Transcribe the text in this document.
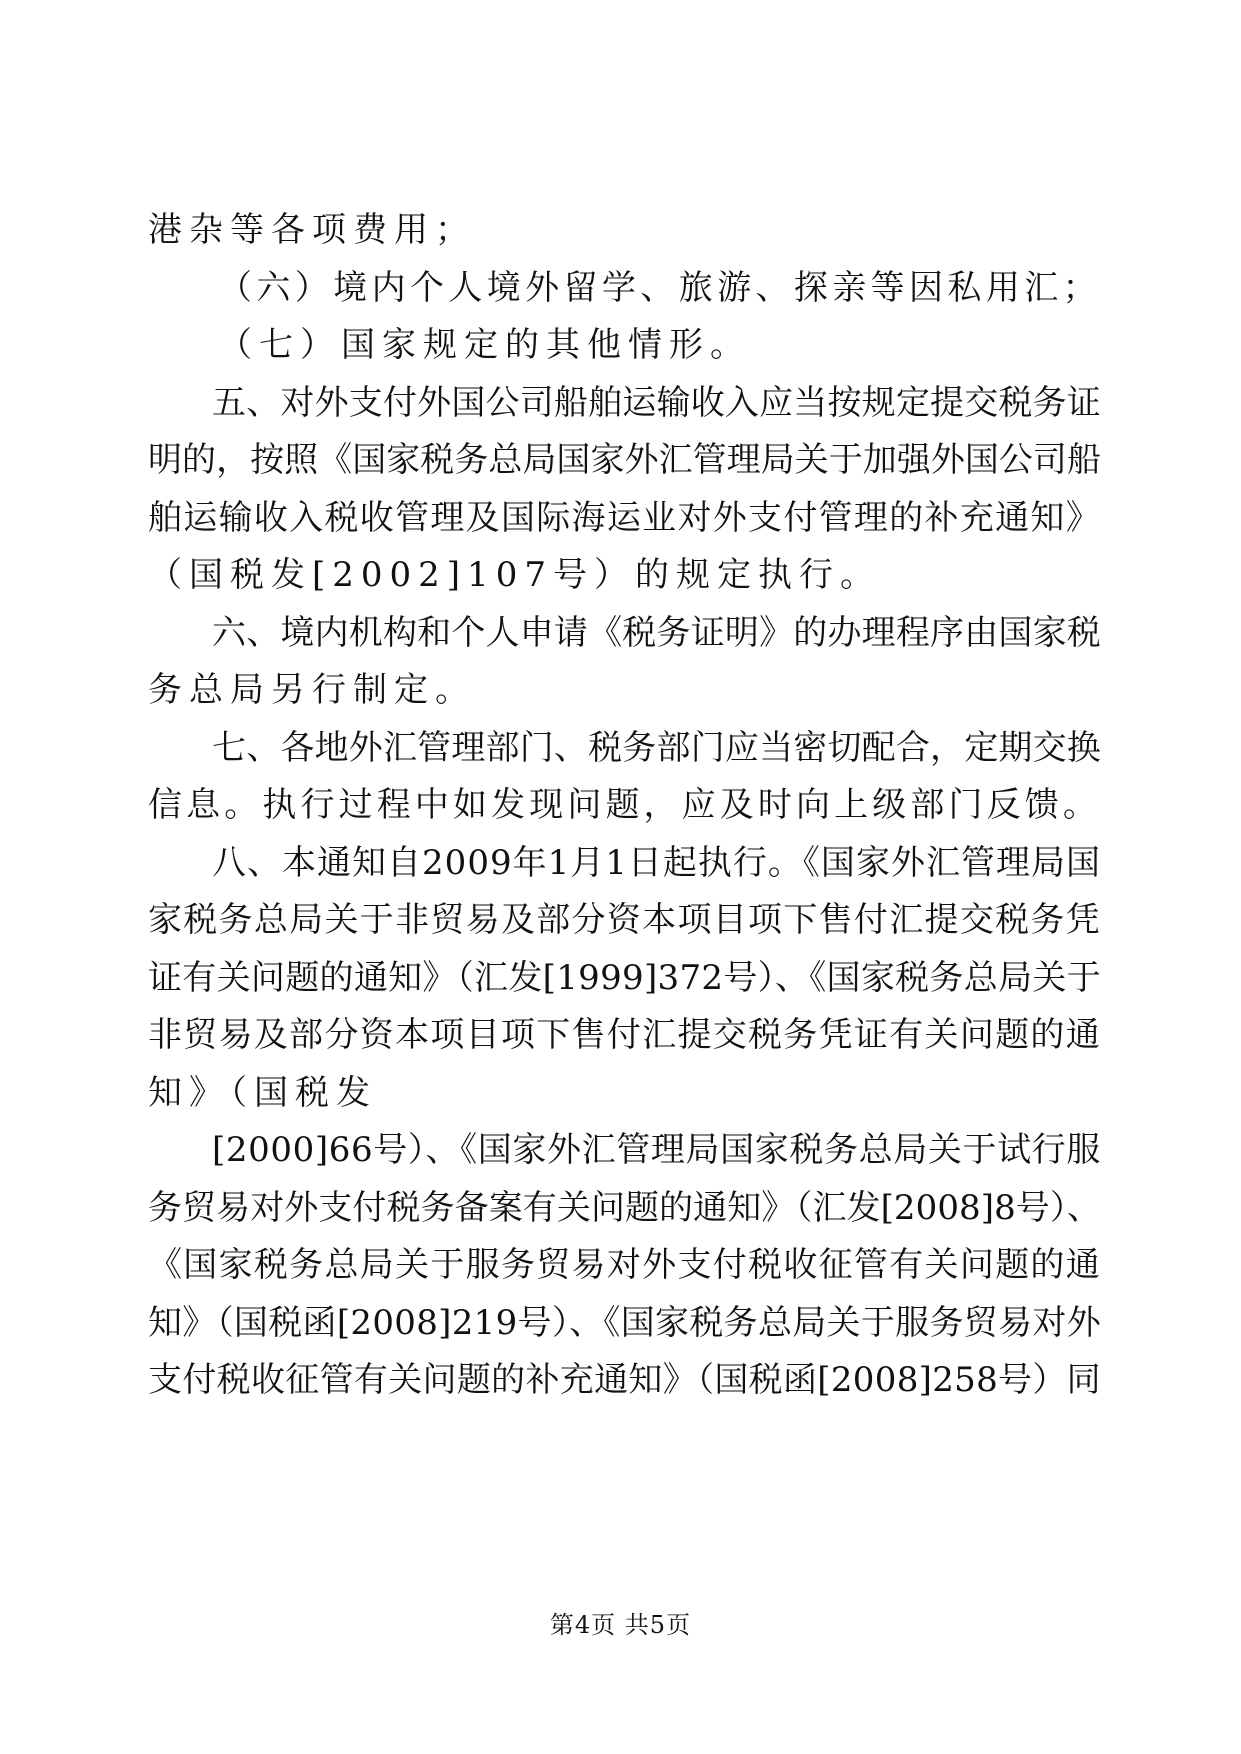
港杂等各项费用；
（六）境内个人境外留学、旅游、探亲等因私用汇；
（七）国家规定的其他情形。
五、对外支付外国公司船舶运输收入应当按规定提交税务证
明的，按照《国家税务总局国家外汇管理局关于加强外国公司船
舶运输收入税收管理及国际海运业对外支付管理的补充通知》
（国税发[2002]107号）的规定执行。
六、境内机构和个人申请《税务证明》的办理程序由国家税
务总局另行制定。
七、各地外汇管理部门、税务部门应当密切配合，定期交换
信息。执行过程中如发现问题，应及时向上级部门反馈。
八、本通知自2009年1月1日起执行。《国家外汇管理局国
家税务总局关于非贸易及部分资本项目项下售付汇提交税务凭
证有关问题的通知》（汇发[1999]372号）、《国家税务总局关于
非贸易及部分资本项目项下售付汇提交税务凭证有关问题的通
知》（国税发
[2000]66号）、《国家外汇管理局国家税务总局关于试行服
务贸易对外支付税务备案有关问题的通知》（汇发[2008]8号）、
《国家税务总局关于服务贸易对外支付税收征管有关问题的通
知》（国税函[2008]219号）、《国家税务总局关于服务贸易对外
支付税收征管有关问题的补充通知》（国税函[2008]258号）同
第4页 共5页
